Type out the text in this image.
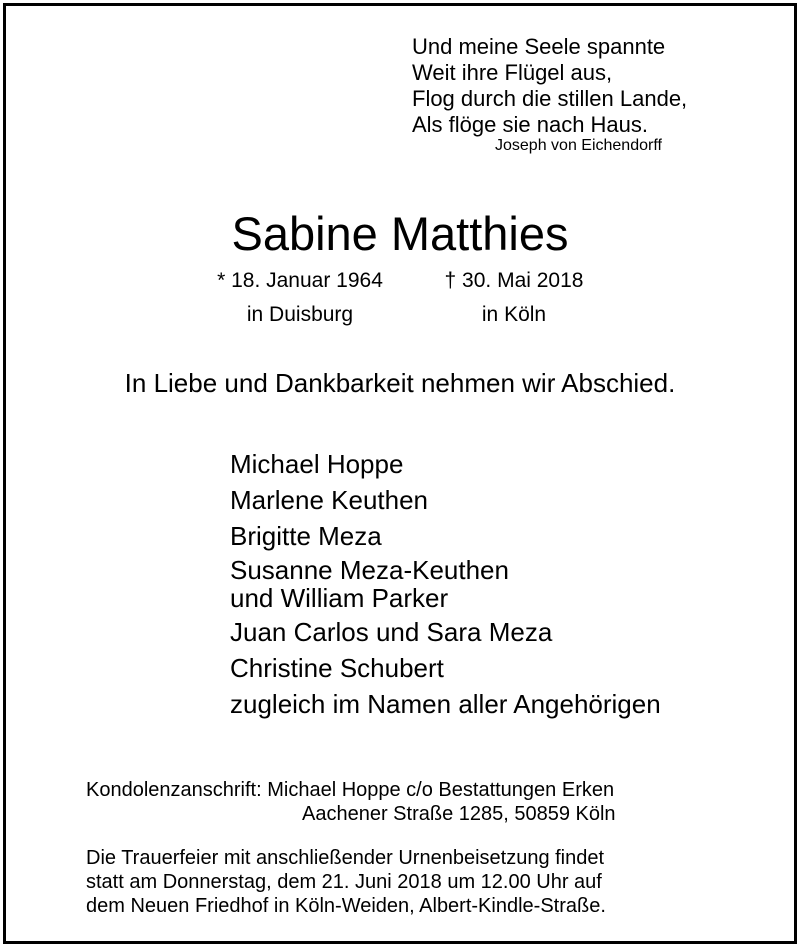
Und meine Seele spannte
Weit ihre Flügel aus,
Flog durch die stillen Lande,
Als flöge sie nach Haus.
Joseph von Eichendorff
Sabine Matthies
* 18. Januar 1964
in Duisburg
† 30. Mai 2018
in Köln
In Liebe und Dankbarkeit nehmen wir Abschied.
Michael Hoppe
Marlene Keuthen
Brigitte Meza
Susanne Meza-Keuthen
und William Parker
Juan Carlos und Sara Meza
Christine Schubert
zugleich im Namen aller Angehörigen
Kondolenzanschrift: Michael Hoppe c/o Bestattungen Erken
Aachener Straße 1285, 50859 Köln
Die Trauerfeier mit anschließender Urnenbeisetzung findet
statt am Donnerstag, dem 21. Juni 2018 um 12.00 Uhr auf
dem Neuen Friedhof in Köln-Weiden, Albert-Kindle-Straße.
